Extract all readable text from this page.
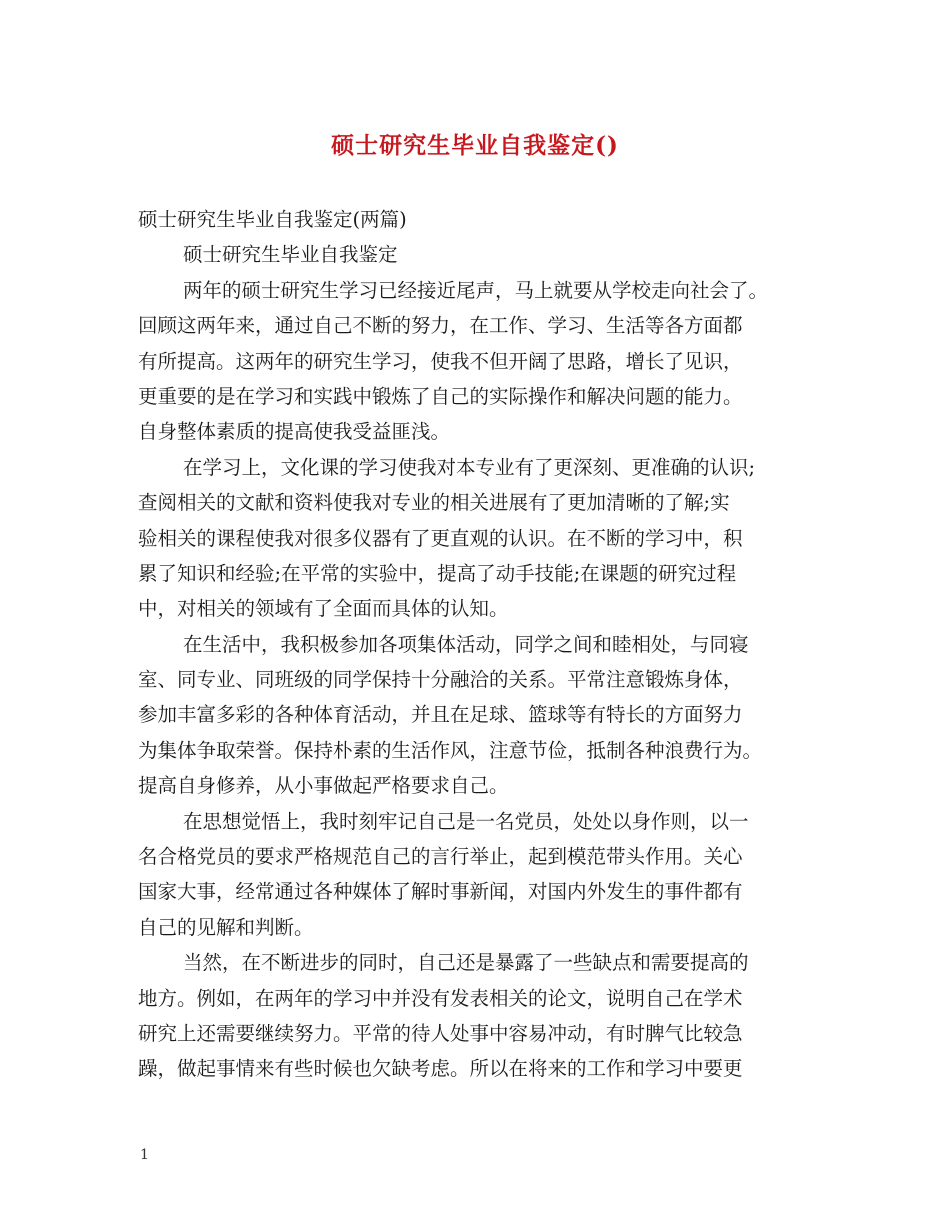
硕士研究生毕业自我鉴定()
硕士研究生毕业自我鉴定(两篇)
硕士研究生毕业自我鉴定
两年的硕士研究生学习已经接近尾声，马上就要从学校走向社会了。
回顾这两年来，通过自己不断的努力，在工作、学习、生活等各方面都
有所提高。这两年的研究生学习，使我不但开阔了思路，增长了见识，
更重要的是在学习和实践中锻炼了自己的实际操作和解决问题的能力。
自身整体素质的提高使我受益匪浅。
在学习上，文化课的学习使我对本专业有了更深刻、更准确的认识;
查阅相关的文献和资料使我对专业的相关进展有了更加清晰的了解;实
验相关的课程使我对很多仪器有了更直观的认识。在不断的学习中，积
累了知识和经验;在平常的实验中，提高了动手技能;在课题的研究过程
中，对相关的领域有了全面而具体的认知。
在生活中，我积极参加各项集体活动，同学之间和睦相处，与同寝
室、同专业、同班级的同学保持十分融洽的关系。平常注意锻炼身体，
参加丰富多彩的各种体育活动，并且在足球、篮球等有特长的方面努力
为集体争取荣誉。保持朴素的生活作风，注意节俭，抵制各种浪费行为。
提高自身修养，从小事做起严格要求自己。
在思想觉悟上，我时刻牢记自己是一名党员，处处以身作则，以一
名合格党员的要求严格规范自己的言行举止，起到模范带头作用。关心
国家大事，经常通过各种媒体了解时事新闻，对国内外发生的事件都有
自己的见解和判断。
当然，在不断进步的同时，自己还是暴露了一些缺点和需要提高的
地方。例如，在两年的学习中并没有发表相关的论文，说明自己在学术
研究上还需要继续努力。平常的待人处事中容易冲动，有时脾气比较急
躁，做起事情来有些时候也欠缺考虑。所以在将来的工作和学习中要更
1
